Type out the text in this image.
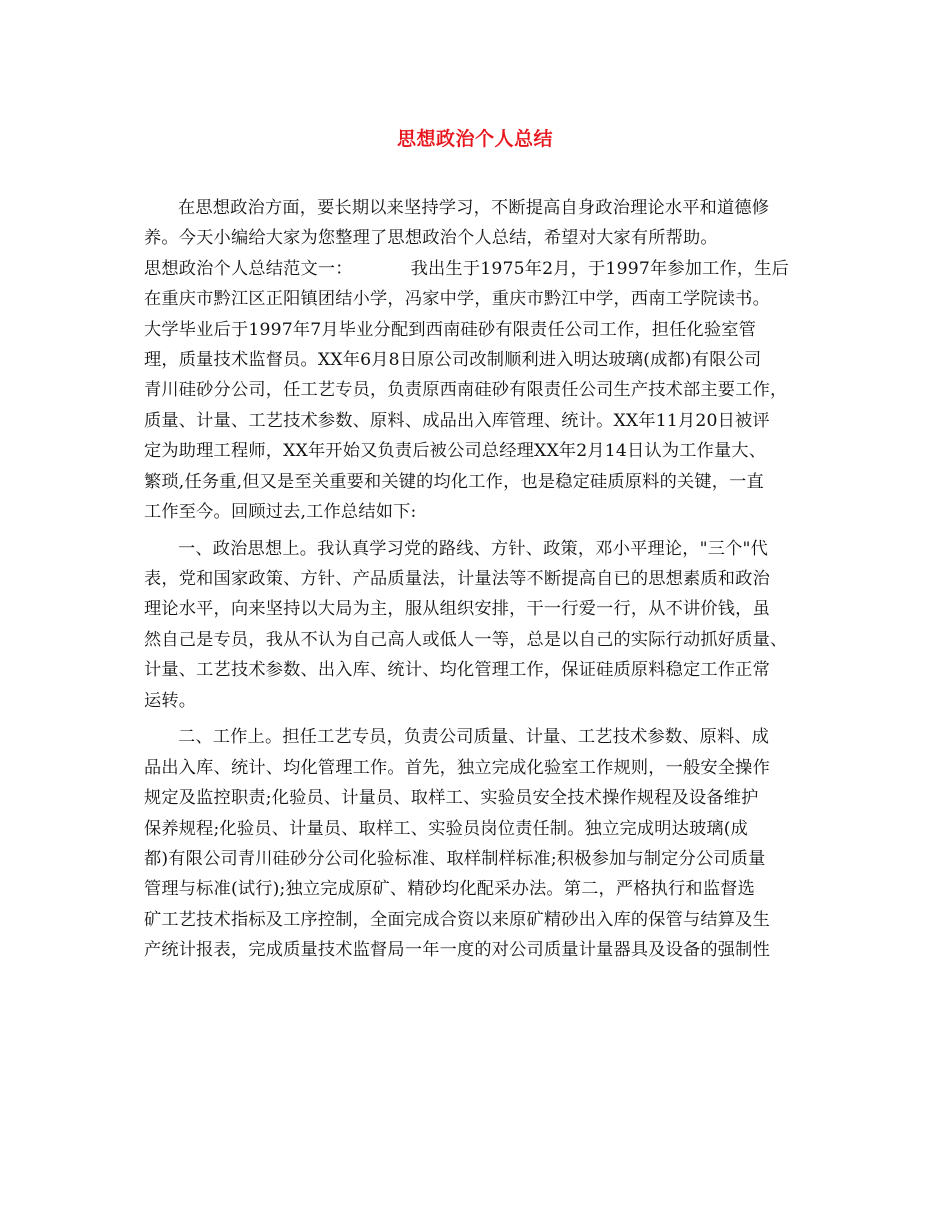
思想政治个人总结
在思想政治方面，要长期以来坚持学习，不断提高自身政治理论水平和道德修
养。今天小编给大家为您整理了思想政治个人总结，希望对大家有所帮助。
思想政治个人总结范文一：	我出生于1975年2月，于1997年参加工作，生后
在重庆市黔江区正阳镇团结小学，冯家中学，重庆市黔江中学，西南工学院读书。
大学毕业后于1997年7月毕业分配到西南硅砂有限责任公司工作，担任化验室管
理，质量技术监督员。XX年6月8日原公司改制顺利进入明达玻璃(成都)有限公司
青川硅砂分公司，任工艺专员，负责原西南硅砂有限责任公司生产技术部主要工作，
质量、计量、工艺技术参数、原料、成品出入库管理、统计。XX年11月20日被评
定为助理工程师，XX年开始又负责后被公司总经理XX年2月14日认为工作量大、
繁琐,任务重,但又是至关重要和关键的均化工作，也是稳定硅质原料的关键，一直
工作至今。回顾过去,工作总结如下:
一、政治思想上。我认真学习党的路线、方针、政策，邓小平理论，"三个"代
表，党和国家政策、方针、产品质量法，计量法等不断提高自已的思想素质和政治
理论水平，向来坚持以大局为主，服从组织安排，干一行爱一行，从不讲价钱，虽
然自己是专员，我从不认为自己高人或低人一等，总是以自己的实际行动抓好质量、
计量、工艺技术参数、出入库、统计、均化管理工作，保证硅质原料稳定工作正常
运转。
二、工作上。担任工艺专员，负责公司质量、计量、工艺技术参数、原料、成
品出入库、统计、均化管理工作。首先，独立完成化验室工作规则，一般安全操作
规定及监控职责;化验员、计量员、取样工、实验员安全技术操作规程及设备维护
保养规程;化验员、计量员、取样工、实验员岗位责任制。独立完成明达玻璃(成
都)有限公司青川硅砂分公司化验标准、取样制样标准;积极参加与制定分公司质量
管理与标准(试行);独立完成原矿、精砂均化配采办法。第二，严格执行和监督选
矿工艺技术指标及工序控制，全面完成合资以来原矿精砂出入库的保管与结算及生
产统计报表，完成质量技术监督局一年一度的对公司质量计量器具及设备的强制性
